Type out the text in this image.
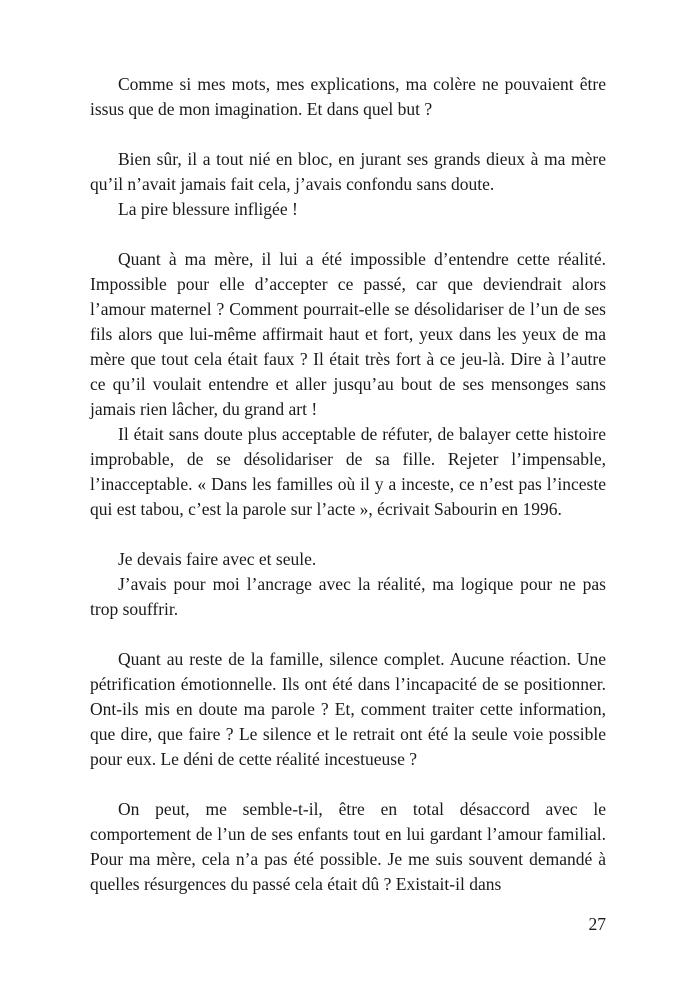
Comme si mes mots, mes explications, ma colère ne pouvaient être issus que de mon imagination. Et dans quel but ?

Bien sûr, il a tout nié en bloc, en jurant ses grands dieux à ma mère qu’il n’avait jamais fait cela, j’avais confondu sans doute.

La pire blessure infligée !

Quant à ma mère, il lui a été impossible d’entendre cette réalité. Impossible pour elle d’accepter ce passé, car que deviendrait alors l’amour maternel ? Comment pourrait-elle se désolidariser de l’un de ses fils alors que lui-même affirmait haut et fort, yeux dans les yeux de ma mère que tout cela était faux ? Il était très fort à ce jeu-là. Dire à l’autre ce qu’il voulait entendre et aller jusqu’au bout de ses mensonges sans jamais rien lâcher, du grand art !

Il était sans doute plus acceptable de réfuter, de balayer cette histoire improbable, de se désolidariser de sa fille. Rejeter l’impensable, l’inacceptable. « Dans les familles où il y a inceste, ce n’est pas l’inceste qui est tabou, c’est la parole sur l’acte », écrivait Sabourin en 1996.

Je devais faire avec et seule.

J’avais pour moi l’ancrage avec la réalité, ma logique pour ne pas trop souffrir.

Quant au reste de la famille, silence complet. Aucune réaction. Une pétrification émotionnelle. Ils ont été dans l’incapacité de se positionner. Ont-ils mis en doute ma parole ? Et, comment traiter cette information, que dire, que faire ? Le silence et le retrait ont été la seule voie possible pour eux. Le déni de cette réalité incestueuse ?

On peut, me semble-t-il, être en total désaccord avec le comportement de l’un de ses enfants tout en lui gardant l’amour familial. Pour ma mère, cela n’a pas été possible. Je me suis souvent demandé à quelles résurgences du passé cela était dû ? Existait-il dans

27
